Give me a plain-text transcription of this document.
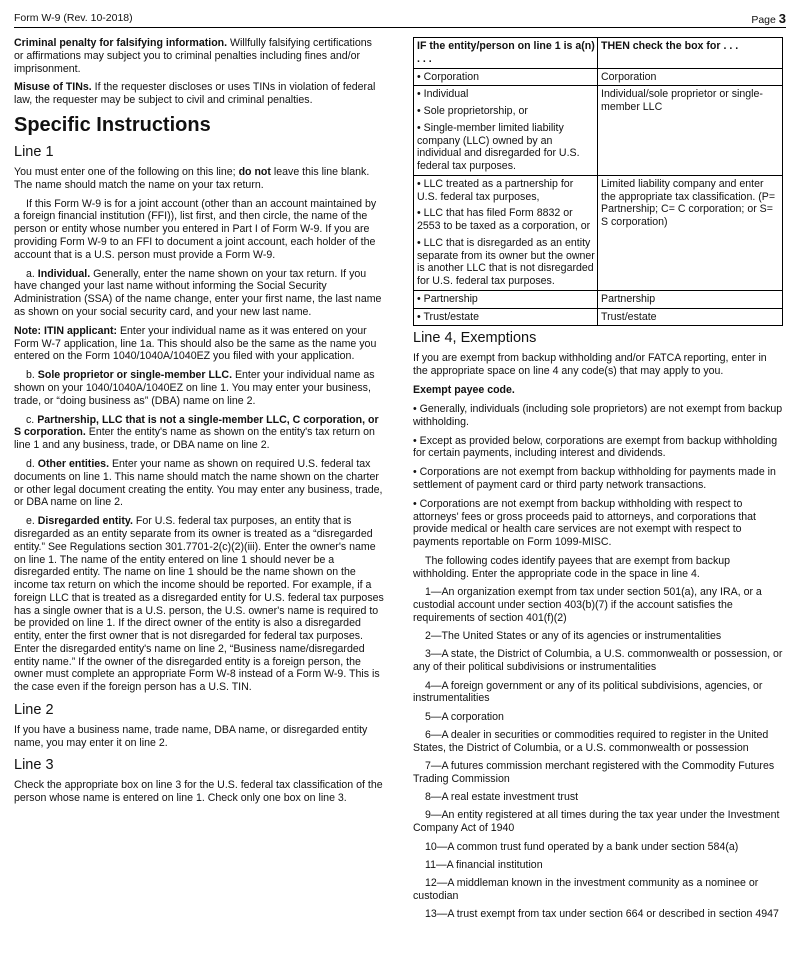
Form W-9 (Rev. 10-2018)	Page 3

Criminal penalty for falsifying information. Willfully falsifying certifications or affirmations may subject you to criminal penalties including fines and/or imprisonment.

Misuse of TINs. If the requester discloses or uses TINs in violation of federal law, the requester may be subject to civil and criminal penalties.

Specific Instructions
Line 1

You must enter one of the following on this line; do not leave this line blank. The name should match the name on your tax return.

If this Form W-9 is for a joint account (other than an account maintained by a foreign financial institution (FFI)), list first, and then circle, the name of the person or entity whose number you entered in Part I of Form W-9. If you are providing Form W-9 to an FFI to document a joint account, each holder of the account that is a U.S. person must provide a Form W-9.

a. Individual. Generally, enter the name shown on your tax return. If you have changed your last name without informing the Social Security Administration (SSA) of the name change, enter your first name, the last name as shown on your social security card, and your new last name.

Note: ITIN applicant: Enter your individual name as it was entered on your Form W-7 application, line 1a. This should also be the same as the name you entered on the Form 1040/1040A/1040EZ you filed with your application.

b. Sole proprietor or single-member LLC. Enter your individual name as shown on your 1040/1040A/1040EZ on line 1. You may enter your business, trade, or “doing business as” (DBA) name on line 2.

c. Partnership, LLC that is not a single-member LLC, C corporation, or S corporation. Enter the entity's name as shown on the entity's tax return on line 1 and any business, trade, or DBA name on line 2.

d. Other entities. Enter your name as shown on required U.S. federal tax documents on line 1. This name should match the name shown on the charter or other legal document creating the entity. You may enter any business, trade, or DBA name on line 2.

e. Disregarded entity. For U.S. federal tax purposes, an entity that is disregarded as an entity separate from its owner is treated as a “disregarded entity.” See Regulations section 301.7701-2(c)(2)(iii). Enter the owner's name on line 1. The name of the entity entered on line 1 should never be a disregarded entity. The name on line 1 should be the name shown on the income tax return on which the income should be reported. For example, if a foreign LLC that is treated as a disregarded entity for U.S. federal tax purposes has a single owner that is a U.S. person, the U.S. owner's name is required to be provided on line 1. If the direct owner of the entity is also a disregarded entity, enter the first owner that is not disregarded for federal tax purposes. Enter the disregarded entity's name on line 2, “Business name/disregarded entity name.” If the owner of the disregarded entity is a foreign person, the owner must complete an appropriate Form W-8 instead of a Form W-9. This is the case even if the foreign person has a U.S. TIN.

Line 2

If you have a business name, trade name, DBA name, or disregarded entity name, you may enter it on line 2.

Line 3

Check the appropriate box on line 3 for the U.S. federal tax classification of the person whose name is entered on line 1. Check only one box on line 3.

IF the entity/person on line 1 is a(n) . . .	THEN check the box for . . .

• Corporation	Corporation

• Individual
• Sole proprietorship, or
• Single-member limited liability company (LLC) owned by an individual and disregarded for U.S. federal tax purposes.	Individual/sole proprietor or single-member LLC

• LLC treated as a partnership for U.S. federal tax purposes,
• LLC that has filed Form 8832 or 2553 to be taxed as a corporation, or
• LLC that is disregarded as an entity separate from its owner but the owner is another LLC that is not disregarded for U.S. federal tax purposes.	Limited liability company and enter the appropriate tax classification. (P= Partnership; C= C corporation; or S= S corporation)

• Partnership	Partnership

• Trust/estate	Trust/estate
Line 4, Exemptions

If you are exempt from backup withholding and/or FATCA reporting, enter in the appropriate space on line 4 any code(s) that may apply to you.

Exempt payee code.

• Generally, individuals (including sole proprietors) are not exempt from backup withholding.

• Except as provided below, corporations are exempt from backup withholding for certain payments, including interest and dividends.

• Corporations are not exempt from backup withholding for payments made in settlement of payment card or third party network transactions.

• Corporations are not exempt from backup withholding with respect to attorneys' fees or gross proceeds paid to attorneys, and corporations that provide medical or health care services are not exempt with respect to payments reportable on Form 1099-MISC.

The following codes identify payees that are exempt from backup withholding. Enter the appropriate code in the space in line 4.

1—An organization exempt from tax under section 501(a), any IRA, or a custodial account under section 403(b)(7) if the account satisfies the requirements of section 401(f)(2)

2—The United States or any of its agencies or instrumentalities

3—A state, the District of Columbia, a U.S. commonwealth or possession, or any of their political subdivisions or instrumentalities

4—A foreign government or any of its political subdivisions, agencies, or instrumentalities

5—A corporation

6—A dealer in securities or commodities required to register in the United States, the District of Columbia, or a U.S. commonwealth or possession

7—A futures commission merchant registered with the Commodity Futures Trading Commission

8—A real estate investment trust

9—An entity registered at all times during the tax year under the Investment Company Act of 1940

10—A common trust fund operated by a bank under section 584(a)

11—A financial institution

12—A middleman known in the investment community as a nominee or custodian

13—A trust exempt from tax under section 664 or described in section 4947
